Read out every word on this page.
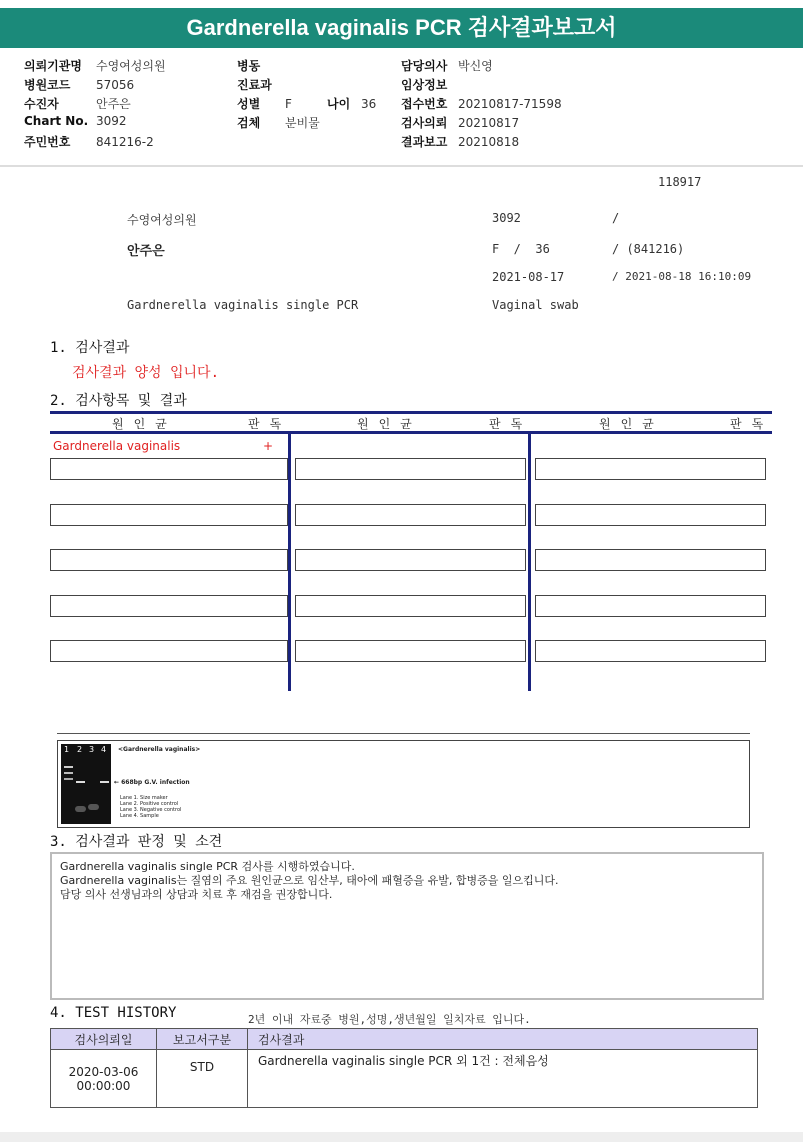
Gardnerella vaginalis PCR 검사결과보고서
의뢰기관명 수영여성의원
병원코드 57056
수진자	안주은
Chart No. 3092
주민번호 841216-2
병동
진료과
성별 F	나이 36
검체 분비물
담당의사 박신영
임상정보
접수번호 20210817-71598
검사의뢰 20210817
결과보고 20210818
118917
수영여성의원	3092	/
안주은	F  /  36	/ (841216)
2021-08-17	/ 2021-08-18 16:10:09
Gardnerella vaginalis single PCR	Vaginal swab
1. 검사결과
검사결과 양성 입니다.
2. 검사항목 및 결과
원인균	판독	원인균	판독	원인균	판독
Gardnerella vaginalis	+
1 2 3 4 <Gardnerella vaginalis>
← 668bp G.V. infection
Lane 1. Size maker
Lane 2. Positive control
Lane 3. Negative control
Lane 4. Sample
3. 검사결과 판정 및 소견
Gardnerella vaginalis single PCR 검사를 시행하였습니다.
Gardnerella vaginalis는 질염의 주요 원인균으로 임산부, 태아에 패혈증을 유발, 합병증을 일으킵니다.
담당 의사 선생님과의 상담과 치료 후 재검을 권장합니다.
4. TEST HISTORY	2년 이내 자료중 병원,성명,생년월일 일치자료 입니다.
검사의뢰일	보고서구분	검사결과

2020-03-06
00:00:00	STD	Gardnerella vaginalis single PCR 외 1건 : 전체음성
